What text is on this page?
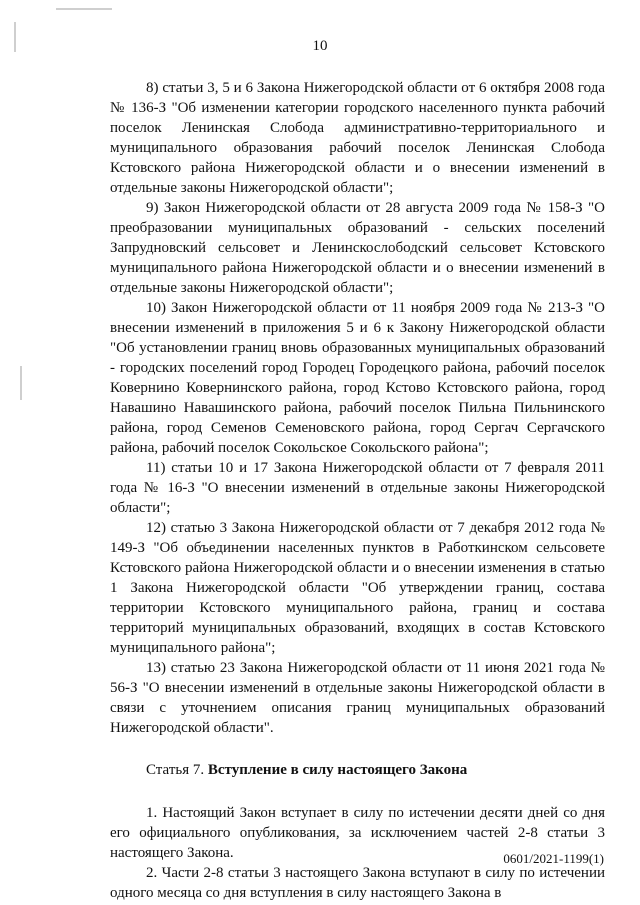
10

8) статьи 3, 5 и 6 Закона Нижегородской области от 6 октября 2008 года № 136-З "Об изменении категории городского населенного пункта рабочий поселок Ленинская Слобода административно-территориального и муниципального образования рабочий поселок Ленинская Слобода Кстовского района Нижегородской области и о внесении изменений в отдельные законы Нижегородской области";

9) Закон Нижегородской области от 28 августа 2009 года № 158-З "О преобразовании муниципальных образований - сельских поселений Запрудновский сельсовет и Ленинскослободский сельсовет Кстовского муниципального района Нижегородской области и о внесении изменений в отдельные законы Нижегородской области";

10) Закон Нижегородской области от 11 ноября 2009 года № 213-З "О внесении изменений в приложения 5 и 6 к Закону Нижегородской области "Об установлении границ вновь образованных муниципальных образований - городских поселений город Городец Городецкого района, рабочий поселок Ковернино Ковернинского района, город Кстово Кстовского района, город Навашино Навашинского района, рабочий поселок Пильна Пильнинского района, город Семенов Семеновского района, город Сергач Сергачского района, рабочий поселок Сокольское Сокольского района";

11) статьи 10 и 17 Закона Нижегородской области от 7 февраля 2011 года № 16-З "О внесении изменений в отдельные законы Нижегородской области";

12) статью 3 Закона Нижегородской области от 7 декабря 2012 года № 149-З "Об объединении населенных пунктов в Работкинском сельсовете Кстовского района Нижегородской области и о внесении изменения в статью 1 Закона Нижегородской области "Об утверждении границ, состава территории Кстовского муниципального района, границ и состава территорий муниципальных образований, входящих в состав Кстовского муниципального района";

13) статью 23 Закона Нижегородской области от 11 июня 2021 года № 56-З "О внесении изменений в отдельные законы Нижегородской области в связи с уточнением описания границ муниципальных образований Нижегородской области".

Статья 7. Вступление в силу настоящего Закона

1. Настоящий Закон вступает в силу по истечении десяти дней со дня его официального опубликования, за исключением частей 2-8 статьи 3 настоящего Закона.

2. Части 2-8 статьи 3 настоящего Закона вступают в силу по истечении одного месяца со дня вступления в силу настоящего Закона в

0601/2021-1199(1)
